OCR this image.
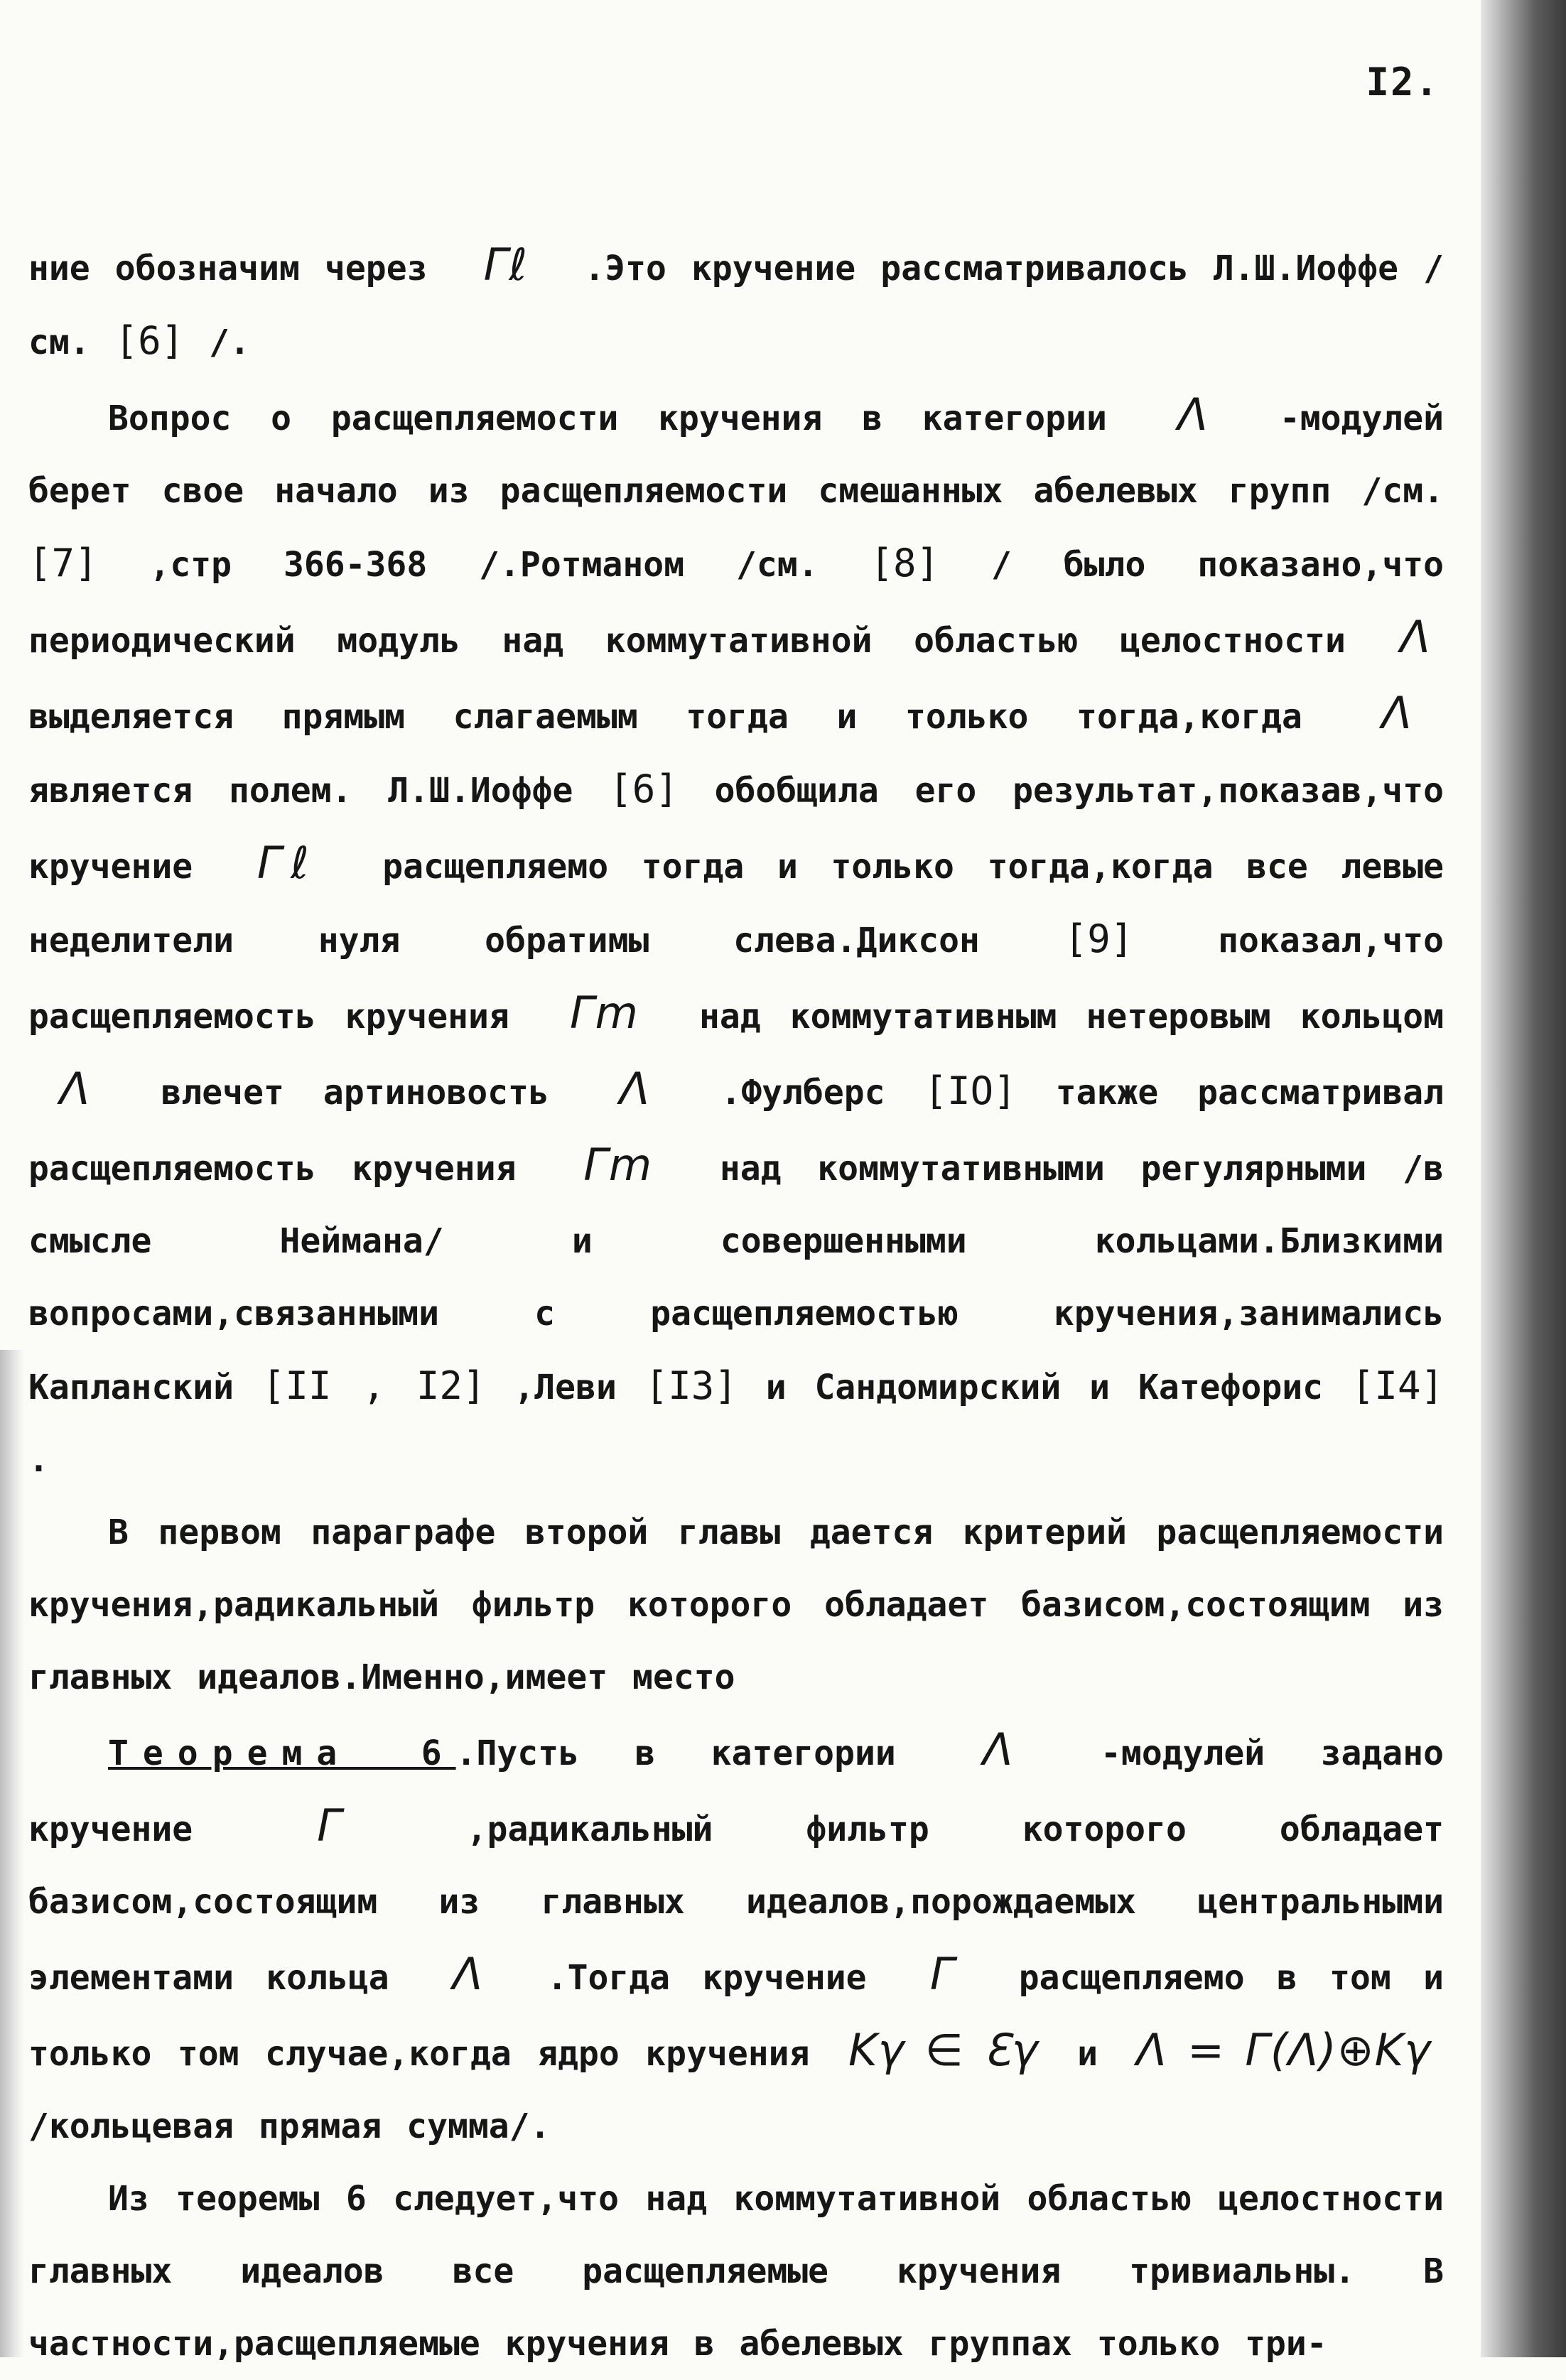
I2.

ние обозначим через Γℓ .Это кручение рассматривалось Л.Ш.Иоффе /см. [6] /.

Вопрос о расщепляемости кручения в категории Λ -модулей берет свое начало из расщепляемости смешанных абелевых групп /см. [7] ,стр 366-368 /.Ротманом /см. [8] / было показано,что периодический модуль над коммутативной областью целостности Λ выделяется прямым слагаемым тогда и только тогда,когда Λ является полем. Л.Ш.Иоффе [6] обобщила его результат,показав,что кручение Γℓ расщепляемо тогда и только тогда,когда все левые неделители нуля обратимы слева.Диксон [9] показал,что расщепляемость кручения Γm над коммутативным нетеровым кольцом Λ влечет артиновость Λ .Фулберс [IO] также рассматривал расщепляемость кручения Γm над коммутативными регулярными /в смысле Неймана/ и совершенными кольцами.Близкими вопросами,связанными с расщепляемостью кручения,занимались Капланский [II , I2] ,Леви [I3] и Сандомирский и Катефорис [I4] .

В первом параграфе второй главы дается критерий расщепляемости кручения,радикальный фильтр которого обладает базисом,состоящим из главных идеалов.Именно,имеет место

Теорема 6.Пусть в категории Λ	-модулей задано кручение	Γ	,радикальный фильтр которого обладает базисом,состоящим из главных идеалов,порождаемых центральными элементами кольца Λ .Тогда кручение Γ расщепляемо в том и только том случае,когда ядро кручения Kγ ∈ Ɛγ и Λ = Γ(Λ)⊕Kγ /кольцевая прямая сумма/.

Из теоремы 6 следует,что над коммутативной областью целостности главных идеалов все расщепляемые кручения тривиальны. В частности,расщепляемые кручения в абелевых группах только три-
